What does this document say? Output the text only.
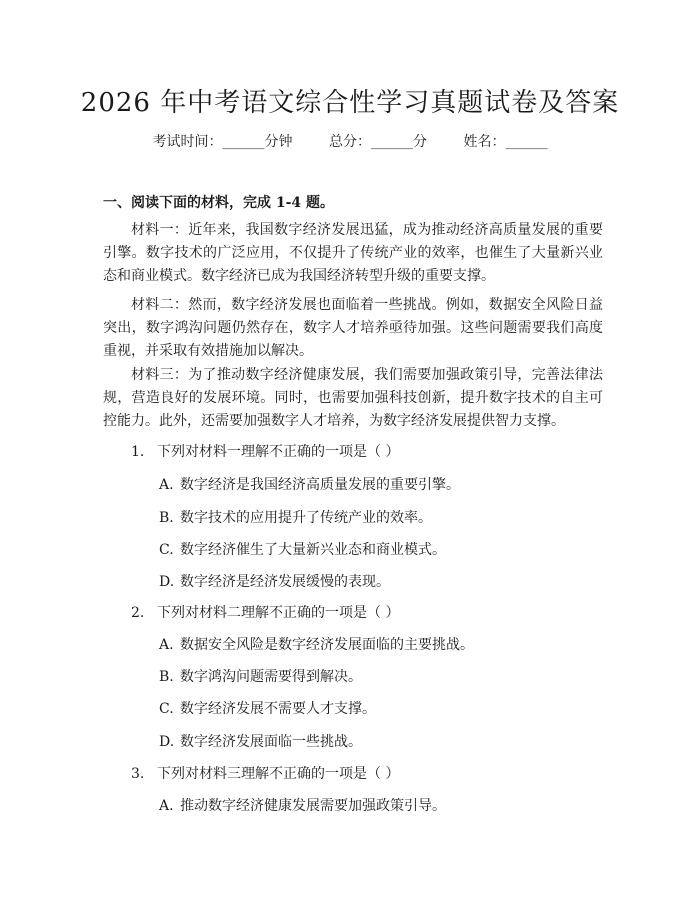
2026 年中考语文综合性学习真题试卷及答案
考试时间：______分钟	总分：______分	姓名：______
一、阅读下面的材料，完成 1-4 题。
材料一：近年来，我国数字经济发展迅猛，成为推动经济高质量发展的重要引擎。数字技术的广泛应用，不仅提升了传统产业的效率，也催生了大量新兴业态和商业模式。数字经济已成为我国经济转型升级的重要支撑。
材料二：然而，数字经济发展也面临着一些挑战。例如，数据安全风险日益突出，数字鸿沟问题仍然存在，数字人才培养亟待加强。这些问题需要我们高度重视，并采取有效措施加以解决。
材料三：为了推动数字经济健康发展，我们需要加强政策引导，完善法律法规，营造良好的发展环境。同时，也需要加强科技创新，提升数字技术的自主可控能力。此外，还需要加强数字人才培养，为数字经济发展提供智力支撑。
1. 下列对材料一理解不正确的一项是（ ）
A. 数字经济是我国经济高质量发展的重要引擎。
B. 数字技术的应用提升了传统产业的效率。
C. 数字经济催生了大量新兴业态和商业模式。
D. 数字经济是经济发展缓慢的表现。
2. 下列对材料二理解不正确的一项是（ ）
A. 数据安全风险是数字经济发展面临的主要挑战。
B. 数字鸿沟问题需要得到解决。
C. 数字经济发展不需要人才支撑。
D. 数字经济发展面临一些挑战。
3. 下列对材料三理解不正确的一项是（ ）
A. 推动数字经济健康发展需要加强政策引导。
